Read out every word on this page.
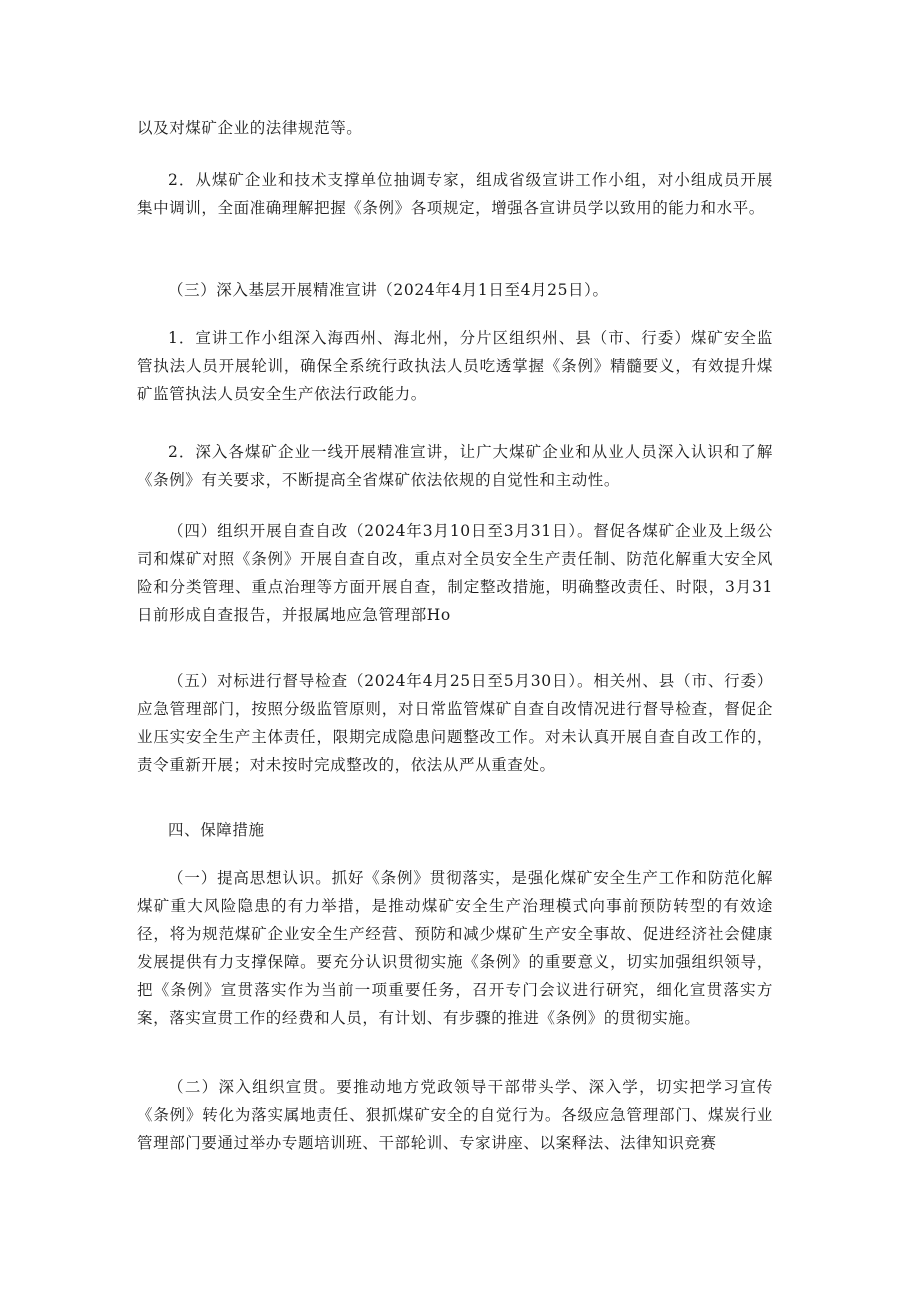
以及对煤矿企业的法律规范等。

2．从煤矿企业和技术支撑单位抽调专家，组成省级宣讲工作小组，对小组成员开展集中调训，全面准确理解把握《条例》各项规定，增强各宣讲员学以致用的能力和水平。

（三）深入基层开展精准宣讲（2024年4月1日至4月25日）。

1．宣讲工作小组深入海西州、海北州，分片区组织州、县（市、行委）煤矿安全监管执法人员开展轮训，确保全系统行政执法人员吃透掌握《条例》精髓要义，有效提升煤矿监管执法人员安全生产依法行政能力。

2．深入各煤矿企业一线开展精准宣讲，让广大煤矿企业和从业人员深入认识和了解《条例》有关要求，不断提高全省煤矿依法依规的自觉性和主动性。

（四）组织开展自查自改（2024年3月10日至3月31日）。督促各煤矿企业及上级公司和煤矿对照《条例》开展自查自改，重点对全员安全生产责任制、防范化解重大安全风险和分类管理、重点治理等方面开展自查，制定整改措施，明确整改责任、时限，3月31日前形成自查报告，并报属地应急管理部Ho

（五）对标进行督导检查（2024年4月25日至5月30日）。相关州、县（市、行委）应急管理部门，按照分级监管原则，对日常监管煤矿自查自改情况进行督导检查，督促企业压实安全生产主体责任，限期完成隐患问题整改工作。对未认真开展自查自改工作的，责令重新开展；对未按时完成整改的，依法从严从重查处。

四、保障措施

（一）提高思想认识。抓好《条例》贯彻落实，是强化煤矿安全生产工作和防范化解煤矿重大风险隐患的有力举措，是推动煤矿安全生产治理模式向事前预防转型的有效途径，将为规范煤矿企业安全生产经营、预防和减少煤矿生产安全事故、促进经济社会健康发展提供有力支撑保障。要充分认识贯彻实施《条例》的重要意义，切实加强组织领导，把《条例》宣贯落实作为当前一项重要任务，召开专门会议进行研究，细化宣贯落实方案，落实宣贯工作的经费和人员，有计划、有步骤的推进《条例》的贯彻实施。

（二）深入组织宣贯。要推动地方党政领导干部带头学、深入学，切实把学习宣传《条例》转化为落实属地责任、狠抓煤矿安全的自觉行为。各级应急管理部门、煤炭行业管理部门要通过举办专题培训班、干部轮训、专家讲座、以案释法、法律知识竞赛
